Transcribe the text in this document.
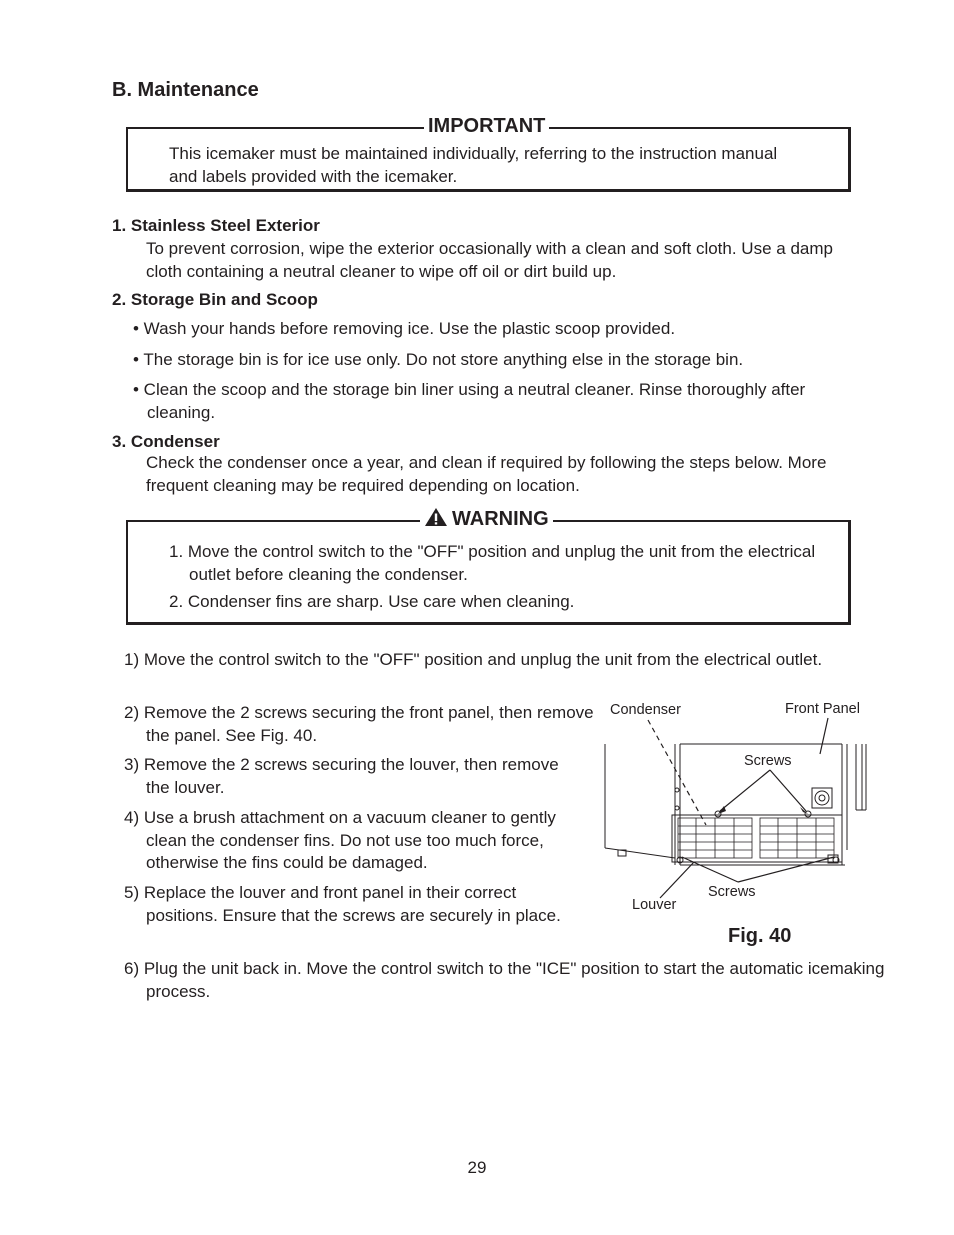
B. Maintenance
IMPORTANT
This icemaker must be maintained individually, referring to the instruction manual and labels provided with the icemaker.
1. Stainless Steel Exterior
To prevent corrosion, wipe the exterior occasionally with a clean and soft cloth. Use a damp cloth containing a neutral cleaner to wipe off oil or dirt build up.
2. Storage Bin and Scoop
• Wash your hands before removing ice. Use the plastic scoop provided.
• The storage bin is for ice use only. Do not store anything else in the storage bin.
• Clean the scoop and the storage bin liner using a neutral cleaner. Rinse thoroughly after cleaning.
3. Condenser
Check the condenser once a year, and clean if required by following the steps below. More frequent cleaning may be required depending on location.
WARNING
1. Move the control switch to the "OFF" position and unplug the unit from the electrical outlet before cleaning the condenser.
2. Condenser fins are sharp. Use care when cleaning.
1) Move the control switch to the "OFF" position and unplug the unit from the electrical outlet.
2) Remove the 2 screws securing the front panel, then remove the panel. See Fig. 40.
3) Remove the 2 screws securing the louver, then remove the louver.
4) Use a brush attachment on a vacuum cleaner to gently clean the condenser fins. Do not use too much force, otherwise the fins could be damaged.
5) Replace the louver and front panel in their correct positions. Ensure that the screws are securely in place.
6) Plug the unit back in. Move the control switch to the "ICE" position to start the automatic icemaking process.
Condenser	Front Panel
Screws
Screws
Louver
Fig. 40
29
